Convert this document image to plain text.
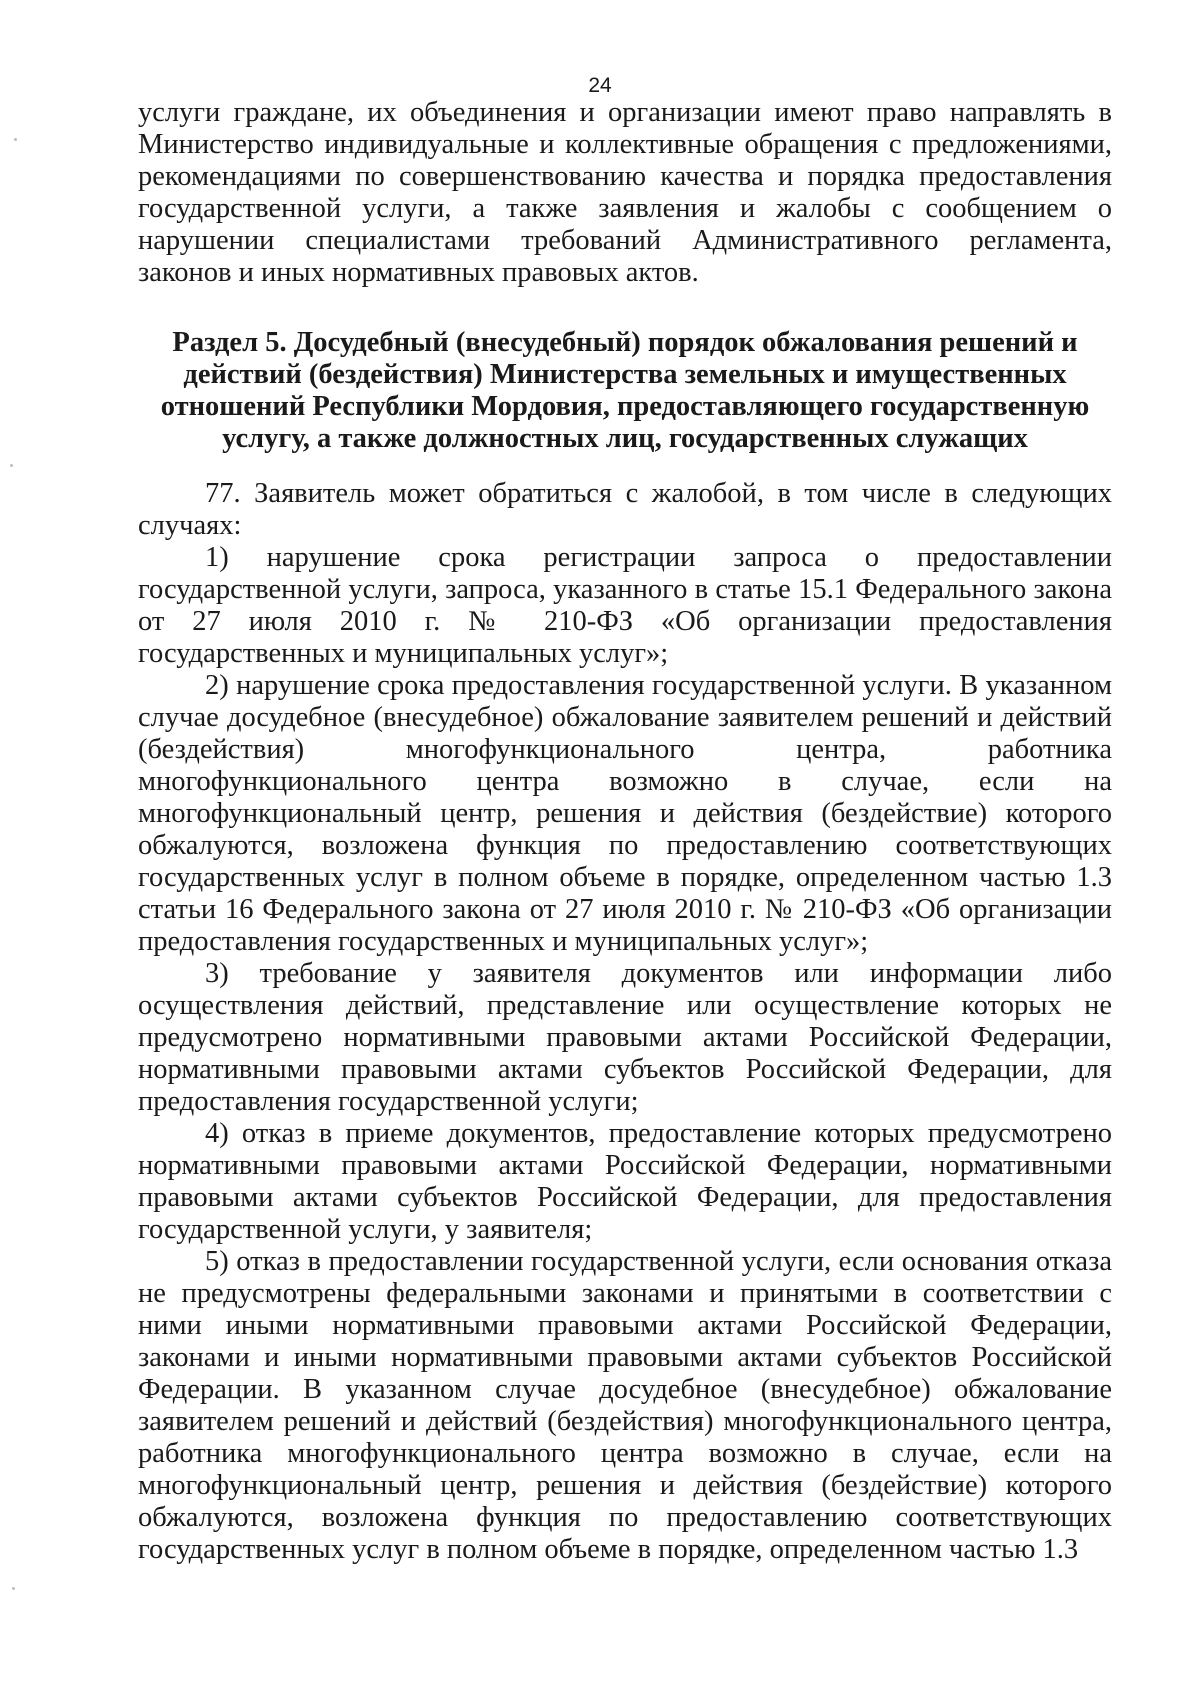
24

услуги граждане, их объединения и организации имеют право направлять в Министерство индивидуальные и коллективные обращения с предложениями, рекомендациями по совершенствованию качества и порядка предоставления государственной услуги, а также заявления и жалобы с сообщением о нарушении специалистами требований Административного регламента, законов и иных нормативных правовых актов.

Раздел 5. Досудебный (внесудебный) порядок обжалования решений и действий (бездействия) Министерства земельных и имущественных отношений Республики Мордовия, предоставляющего государственную услугу, а также должностных лиц, государственных служащих

77. Заявитель может обратиться с жалобой, в том числе в следующих случаях:

1) нарушение срока регистрации запроса о предоставлении государственной услуги, запроса, указанного в статье 15.1 Федерального закона от 27 июля 2010 г. № 210-ФЗ «Об организации предоставления государственных и муниципальных услуг»;

2) нарушение срока предоставления государственной услуги. В указанном случае досудебное (внесудебное) обжалование заявителем решений и действий (бездействия) многофункционального центра, работника многофункционального центра возможно в случае, если на многофункциональный центр, решения и действия (бездействие) которого обжалуются, возложена функция по предоставлению соответствующих государственных услуг в полном объеме в порядке, определенном частью 1.3 статьи 16 Федерального закона от 27 июля 2010 г. № 210-ФЗ «Об организации предоставления государственных и муниципальных услуг»;

3) требование у заявителя документов или информации либо осуществления действий, представление или осуществление которых не предусмотрено нормативными правовыми актами Российской Федерации, нормативными правовыми актами субъектов Российской Федерации, для предоставления государственной услуги;

4) отказ в приеме документов, предоставление которых предусмотрено нормативными правовыми актами Российской Федерации, нормативными правовыми актами субъектов Российской Федерации, для предоставления государственной услуги, у заявителя;

5) отказ в предоставлении государственной услуги, если основания отказа не предусмотрены федеральными законами и принятыми в соответствии с ними иными нормативными правовыми актами Российской Федерации, законами и иными нормативными правовыми актами субъектов Российской Федерации. В указанном случае досудебное (внесудебное) обжалование заявителем решений и действий (бездействия) многофункционального центра, работника многофункционального центра возможно в случае, если на многофункциональный центр, решения и действия (бездействие) которого обжалуются, возложена функция по предоставлению соответствующих государственных услуг в полном объеме в порядке, определенном частью 1.3
